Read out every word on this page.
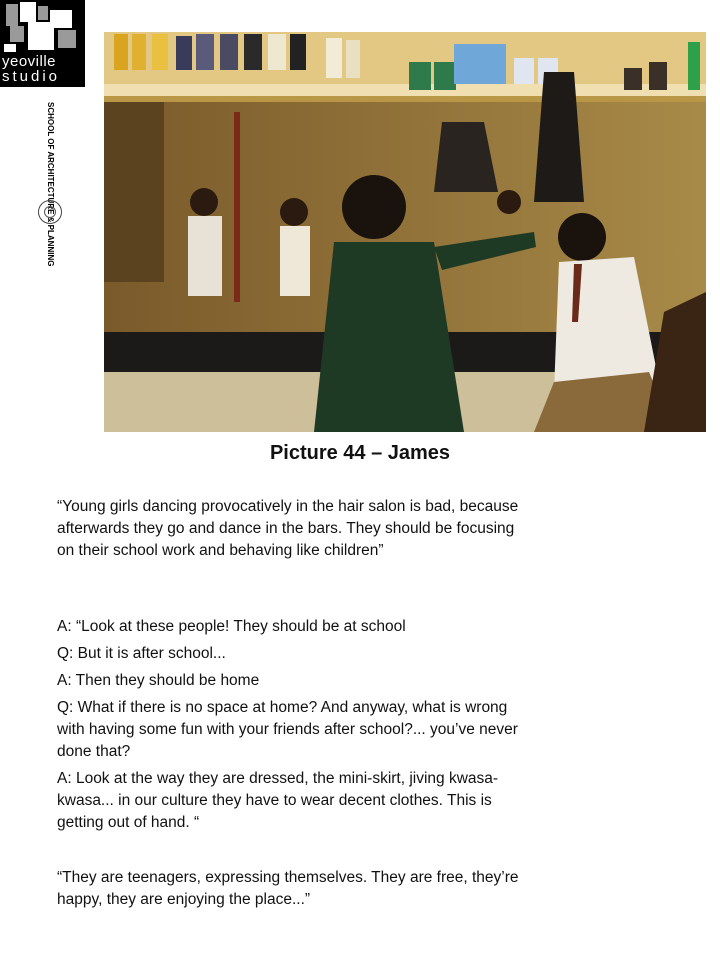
yeoville
studio
SCHOOL OF ARCHITECTURE & PLANNING
Picture 44 – James

“Young girls dancing provocatively in the hair salon is bad, because afterwards they go and dance in the bars. They should be focusing on their school work and behaving like children”

A: “Look at these people! They should be at school

Q: But it is after school...

A: Then they should be home

Q: What if there is no space at home? And anyway, what is wrong with having some fun with your friends after school?... you’ve never done that?

A: Look at the way they are dressed, the mini-skirt, jiving kwasa-kwasa... in our culture they have to wear decent clothes. This is getting out of hand. “

“They are teenagers, expressing themselves. They are free, they’re happy, they are enjoying the place...”
